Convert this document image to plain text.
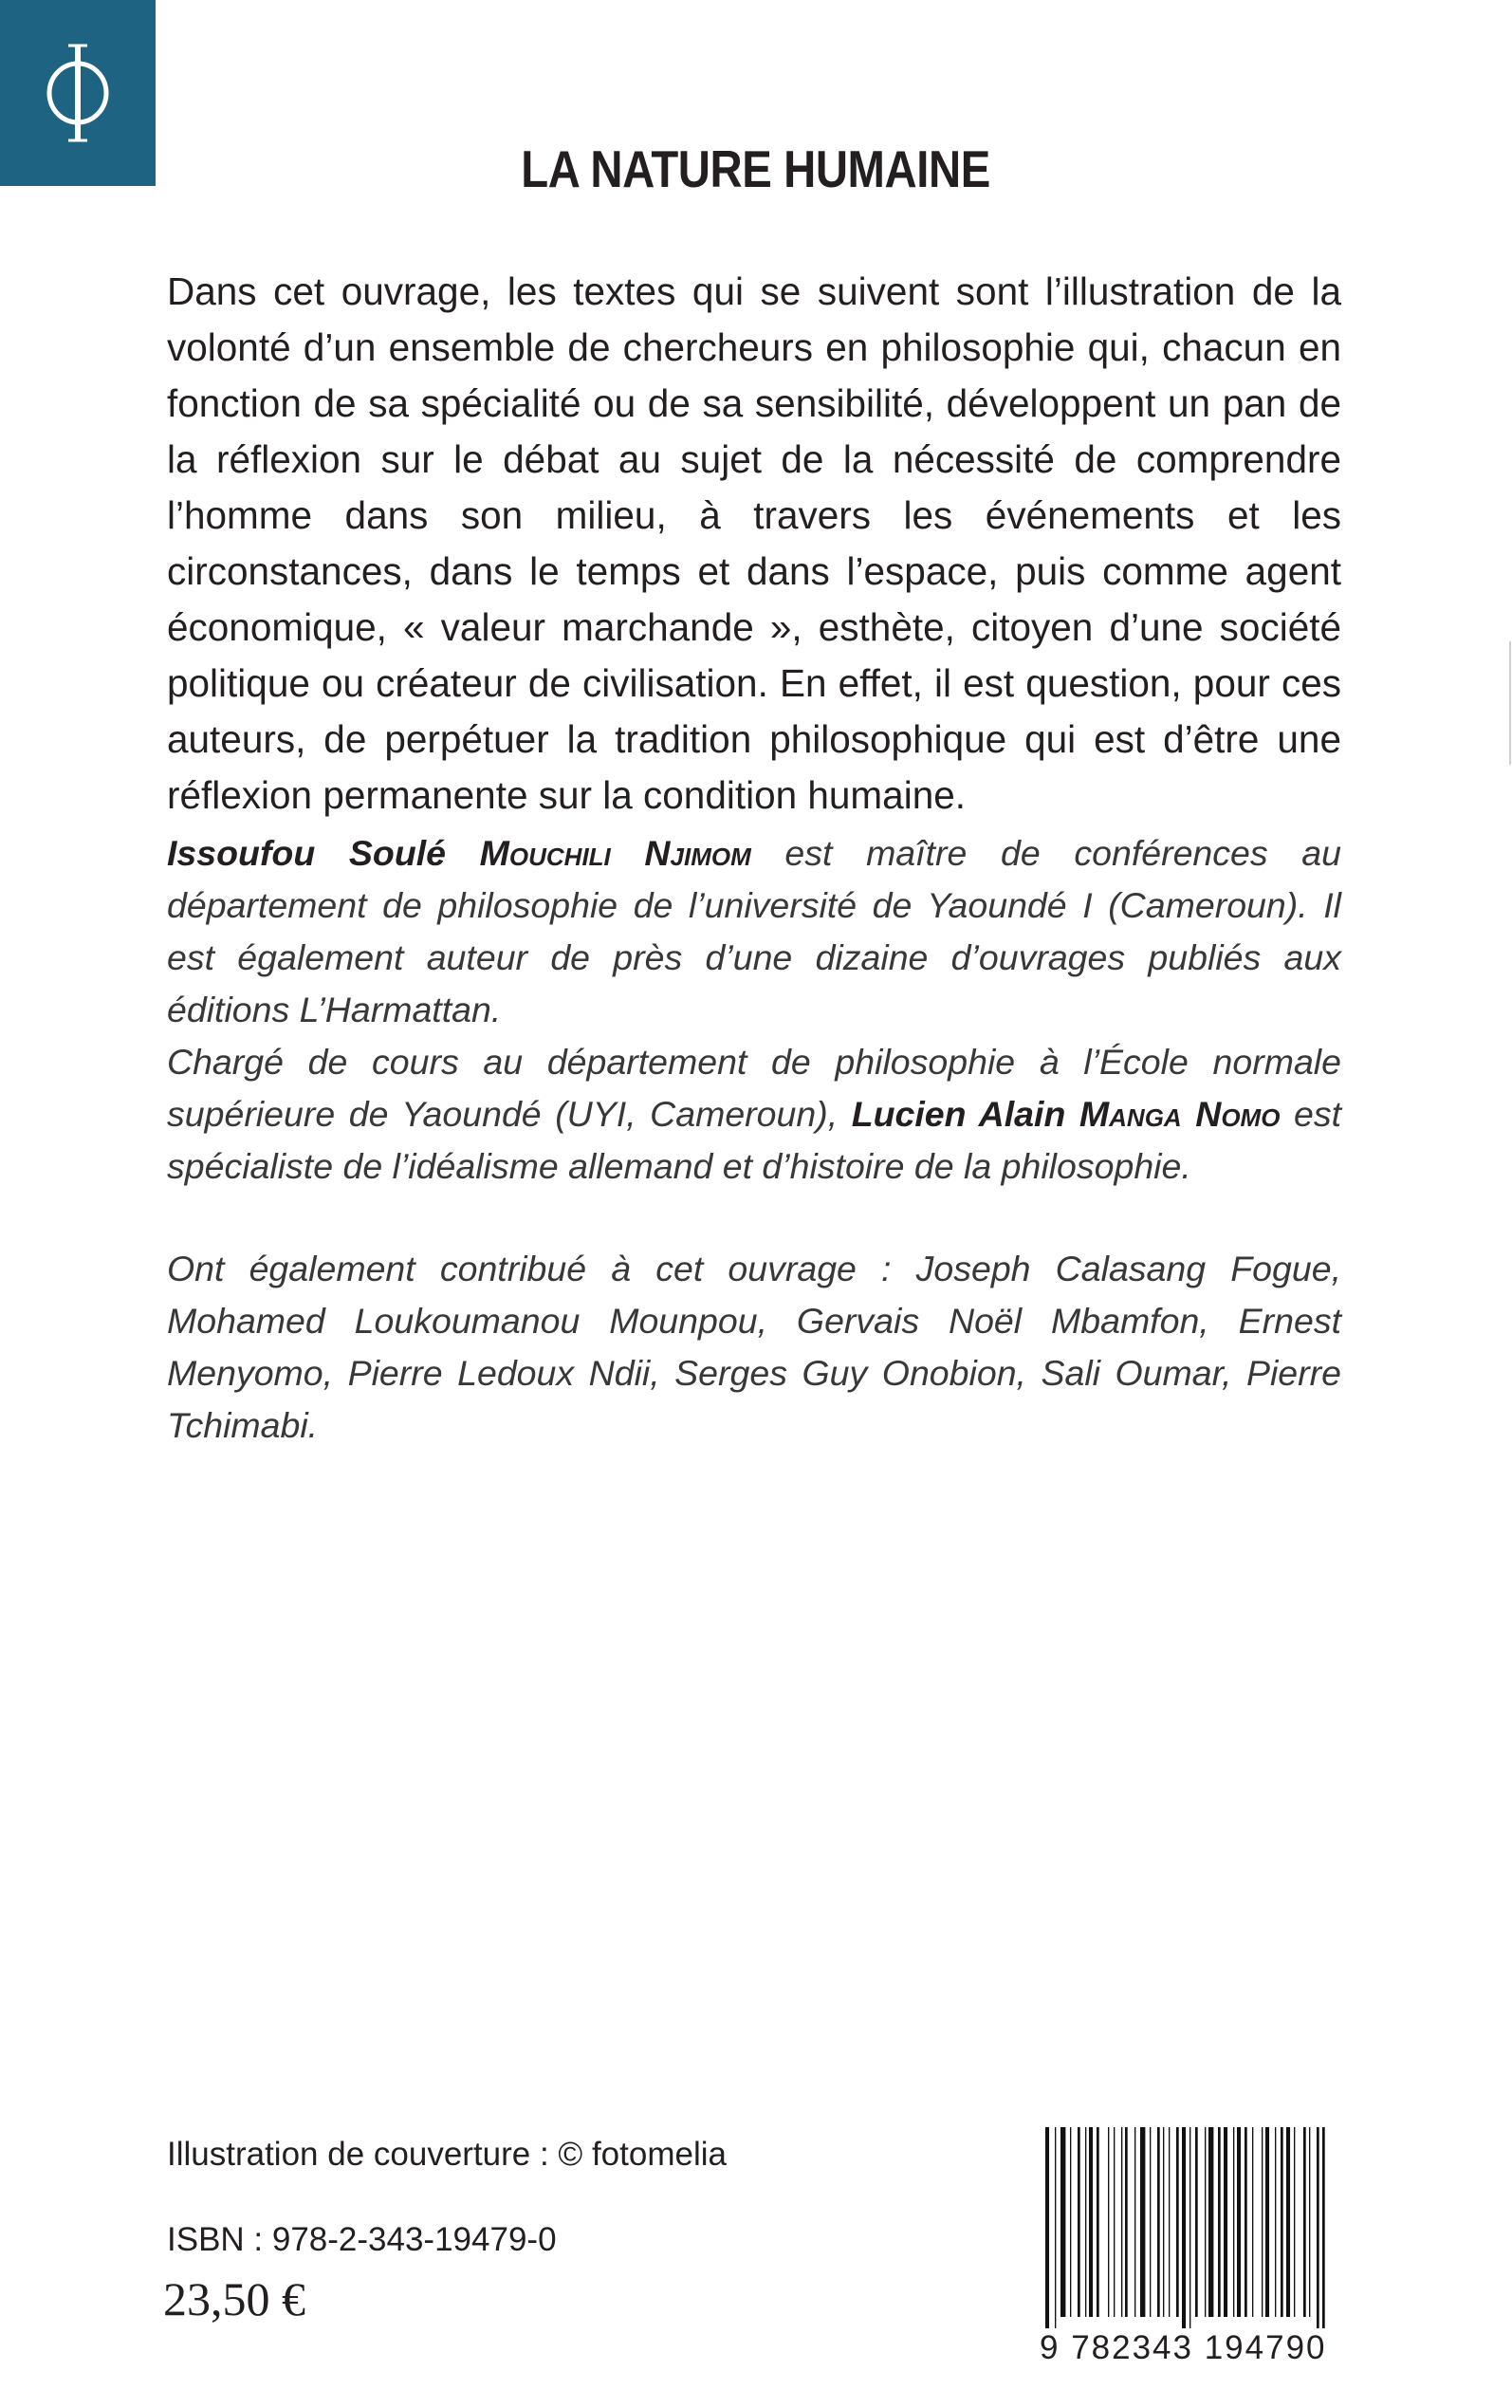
LA NATURE HUMAINE

Dans cet ouvrage, les textes qui se suivent sont l’illustration de la volonté d’un ensemble de chercheurs en philosophie qui, chacun en fonction de sa spécialité ou de sa sensibilité, développent un pan de la réflexion sur le débat au sujet de la nécessité de comprendre l’homme dans son milieu, à travers les événements et les circonstances, dans le temps et dans l’espace, puis comme agent économique, « valeur marchande », esthète, citoyen d’une société politique ou créateur de civilisation. En effet, il est question, pour ces auteurs, de perpétuer la tradition philosophique qui est d’être une réflexion permanente sur la condition humaine.

Issoufou Soulé Mouchili Njimom est maître de conférences au département de philosophie de l’université de Yaoundé I (Cameroun). Il est également auteur de près d’une dizaine d’ouvrages publiés aux éditions L’Harmattan.

Chargé de cours au département de philosophie à l’École normale supérieure de Yaoundé (UYI, Cameroun), Lucien Alain Manga Nomo est spécialiste de l’idéalisme allemand et d’histoire de la philosophie.

Ont également contribué à cet ouvrage : Joseph Calasang Fogue, Mohamed Loukoumanou Mounpou, Gervais Noël Mbamfon, Ernest Menyomo, Pierre Ledoux Ndii, Serges Guy Onobion, Sali Oumar, Pierre Tchimabi.

Illustration de couverture : © fotomelia

ISBN : 978-2-343-19479-0

23,50 €

9 782343 194790
